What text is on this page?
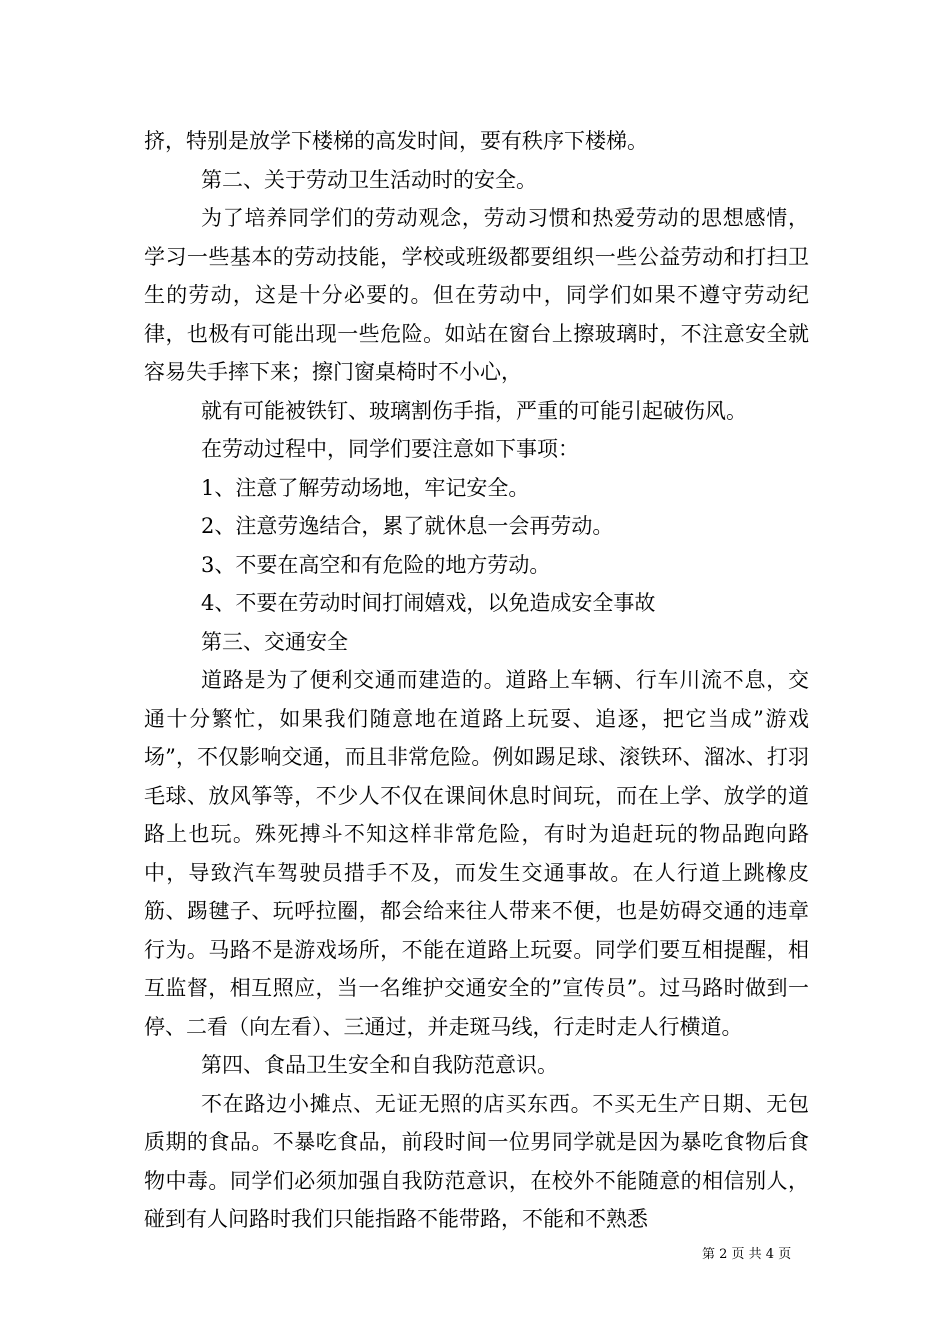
挤，特别是放学下楼梯的高发时间，要有秩序下楼梯。

第二、关于劳动卫生活动时的安全。

为了培养同学们的劳动观念，劳动习惯和热爱劳动的思想感情，学习一些基本的劳动技能，学校或班级都要组织一些公益劳动和打扫卫生的劳动，这是十分必要的。但在劳动中，同学们如果不遵守劳动纪律，也极有可能出现一些危险。如站在窗台上擦玻璃时，不注意安全就容易失手摔下来；擦门窗桌椅时不小心，

就有可能被铁钉、玻璃割伤手指，严重的可能引起破伤风。

在劳动过程中，同学们要注意如下事项：

1、注意了解劳动场地，牢记安全。

2、注意劳逸结合，累了就休息一会再劳动。

3、不要在高空和有危险的地方劳动。

4、不要在劳动时间打闹嬉戏，以免造成安全事故

第三、交通安全

道路是为了便利交通而建造的。道路上车辆、行车川流不息，交通十分繁忙，如果我们随意地在道路上玩耍、追逐，把它当成”游戏场”，不仅影响交通，而且非常危险。例如踢足球、滚铁环、溜冰、打羽毛球、放风筝等，不少人不仅在课间休息时间玩，而在上学、放学的道路上也玩。殊死搏斗不知这样非常危险，有时为追赶玩的物品跑向路中，导致汽车驾驶员措手不及，而发生交通事故。在人行道上跳橡皮筋、踢毽子、玩呼拉圈，都会给来往人带来不便，也是妨碍交通的违章行为。马路不是游戏场所，不能在道路上玩耍。同学们要互相提醒，相互监督，相互照应，当一名维护交通安全的”宣传员”。过马路时做到一停、二看（向左看）、三通过，并走斑马线，行走时走人行横道。

第四、食品卫生安全和自我防范意识。

不在路边小摊点、无证无照的店买东西。不买无生产日期、无包质期的食品。不暴吃食品，前段时间一位男同学就是因为暴吃食物后食物中毒。同学们必须加强自我防范意识，在校外不能随意的相信别人，碰到有人问路时我们只能指路不能带路，不能和不熟悉

第 2 页 共 4 页
